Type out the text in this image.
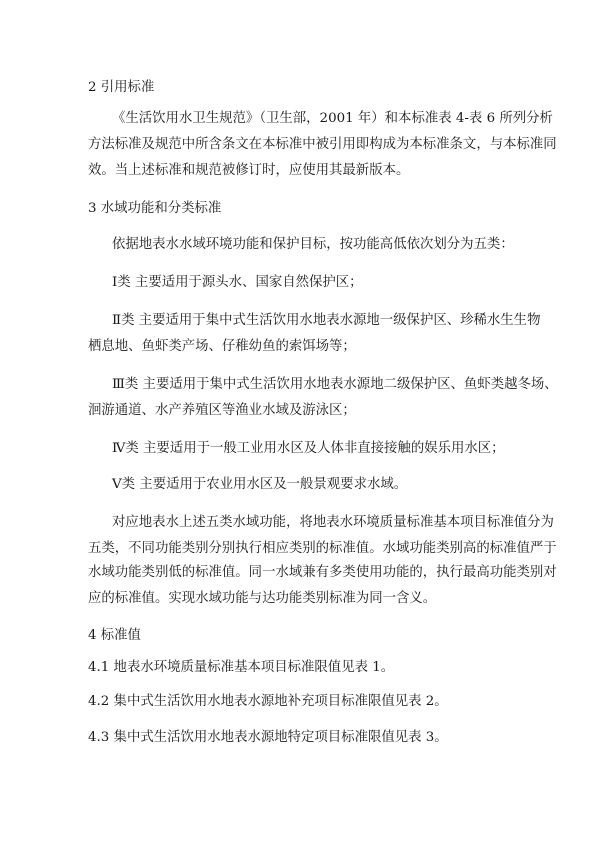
2 引用标准
《生活饮用水卫生规范》（卫生部，2001 年）和本标准表 4-表 6 所列分析
方法标准及规范中所含条文在本标准中被引用即构成为本标准条文，与本标准同
效。当上述标准和规范被修订时，应使用其最新版本。
3 水域功能和分类标准
依据地表水水域环境功能和保护目标，按功能高低依次划分为五类：
Ⅰ类 主要适用于源头水、国家自然保护区；
Ⅱ类 主要适用于集中式生活饮用水地表水源地一级保护区、珍稀水生生物
栖息地、鱼虾类产场、仔稚幼鱼的索饵场等；
Ⅲ类 主要适用于集中式生活饮用水地表水源地二级保护区、鱼虾类越冬场、
洄游通道、水产养殖区等渔业水域及游泳区；
Ⅳ类 主要适用于一般工业用水区及人体非直接接触的娱乐用水区；
Ⅴ类 主要适用于农业用水区及一般景观要求水域。
对应地表水上述五类水域功能，将地表水环境质量标准基本项目标准值分为
五类，不同功能类别分别执行相应类别的标准值。水域功能类别高的标准值严于
水域功能类别低的标准值。同一水域兼有多类使用功能的，执行最高功能类别对
应的标准值。实现水域功能与达功能类别标准为同一含义。
4 标准值
4.1 地表水环境质量标准基本项目标准限值见表 1。
4.2 集中式生活饮用水地表水源地补充项目标准限值见表 2。
4.3 集中式生活饮用水地表水源地特定项目标准限值见表 3。
